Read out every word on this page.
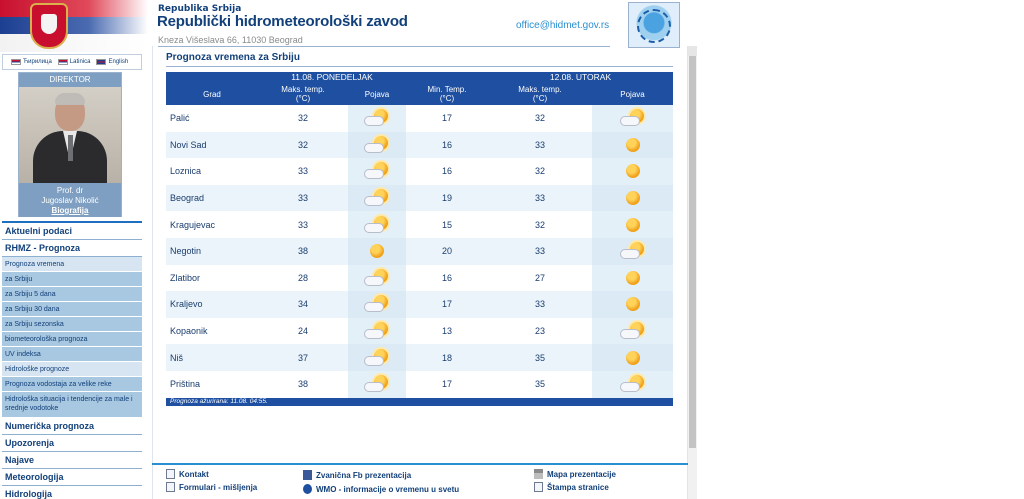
Republika Srbija
Republički hidrometeorološki zavod
Kneza Višeslava 66, 11030 Beograd
office@hidmet.gov.rs
Ћирилица	Latinica	English
DIREKTOR
Prof. dr
Jugoslav Nikolić
Biografija
Aktuelni podaci
RHMZ - Prognoza
Prognoza vremena
za Srbiju
za Srbiju 5 dana
za Srbiju 30 dana
za Srbiju sezonska
biometeorološka prognoza
UV indeksa
Hidrološke prognoze
Prognoza vodostaja za velike reke
Hidrološka situacija i tendencije za male i srednje vodotoke
Numerička prognoza
Upozorenja
Najave
Meteorologija
Hidrologija
Prognoza vremena za Srbiju
	11.08. PONEDELJAK			12.08. UTORAK	
Grad	Maks. temp.
(°C)	Pojava	Min. Temp.
(°C)	Maks. temp.
(°C)	Pojava
Palić	32		17	32	

Novi Sad	32		16	33	
Loznica	33		16	32	
Beograd	33		19	33	
Kragujevac	33		15	32	
Negotin	38		20	33	

Zlatibor	28		16	27	
Kraljevo	34		17	33	
Kopaonik	24		13	23	

Niš	37		18	35	
Priština	38		17	35	

Prognoza ažurirana: 11.08. 04:55.					
Kontakt
Formulari - mišljenja
Zvanična Fb prezentacija
WMO - informacije o vremenu u svetu
Mapa prezentacije
Štampa stranice
